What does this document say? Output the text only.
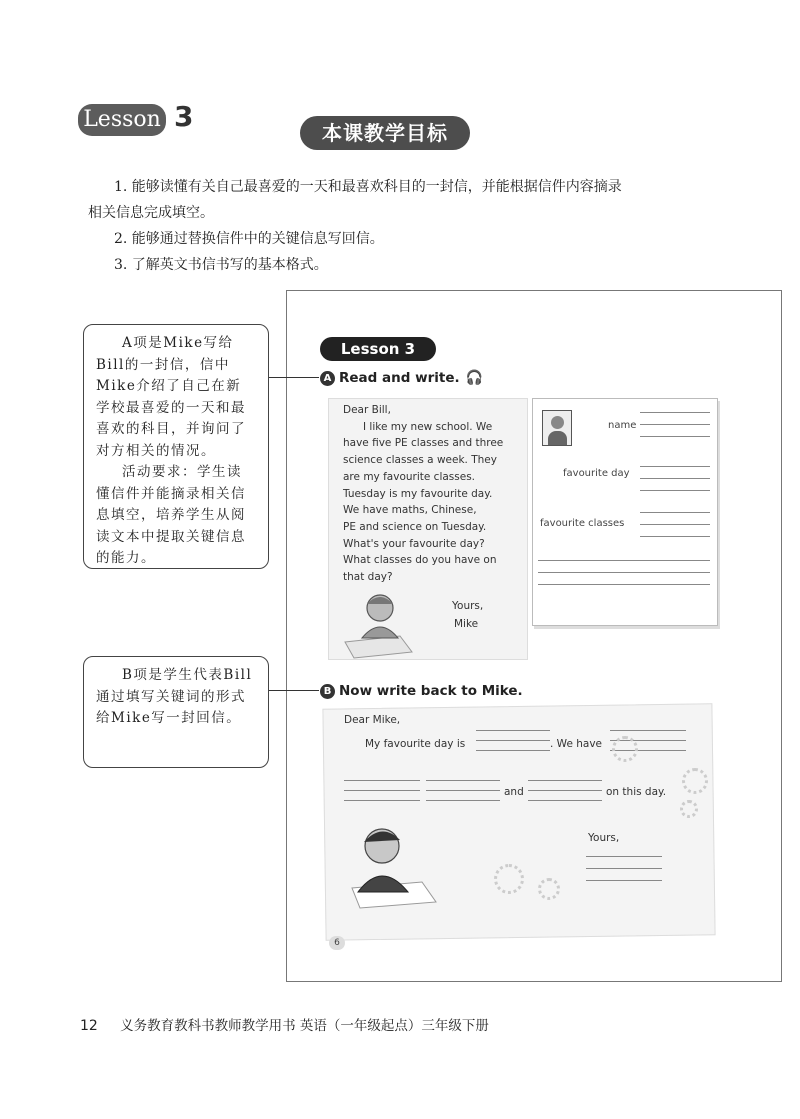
Lesson 3	本课教学目标

1. 能够读懂有关自己最喜爱的一天和最喜欢科目的一封信，并能根据信件内容摘录

相关信息完成填空。

2. 能够通过替换信件中的关键信息写回信。

3. 了解英文书信书写的基本格式。

A项是Mike写给Bill的一封信，信中Mike介绍了自己在新学校最喜爱的一天和最喜欢的科目，并询问了对方相关的情况。

活动要求：学生读懂信件并能摘录相关信息填空，培养学生从阅读文本中提取关键信息的能力。

B项是学生代表Bill通过填写关键词的形式给Mike写一封回信。

Lesson 3
A Read and write. 🎧
Dear Bill,
I like my new school. We
have five PE classes and three
science classes a week. They
are my favourite classes.
Tuesday is my favourite day.
We have maths, Chinese,
PE and science on Tuesday.
What's your favourite day?
What classes do you have on
that day?
Yours,
Mike
name
favourite day
favourite classes
B Now write back to Mike.
Dear Mike,
My favourite day is	. We have
and	on this day.
Yours,
6
12 义务教育教科书教师教学用书 英语（一年级起点）三年级下册
